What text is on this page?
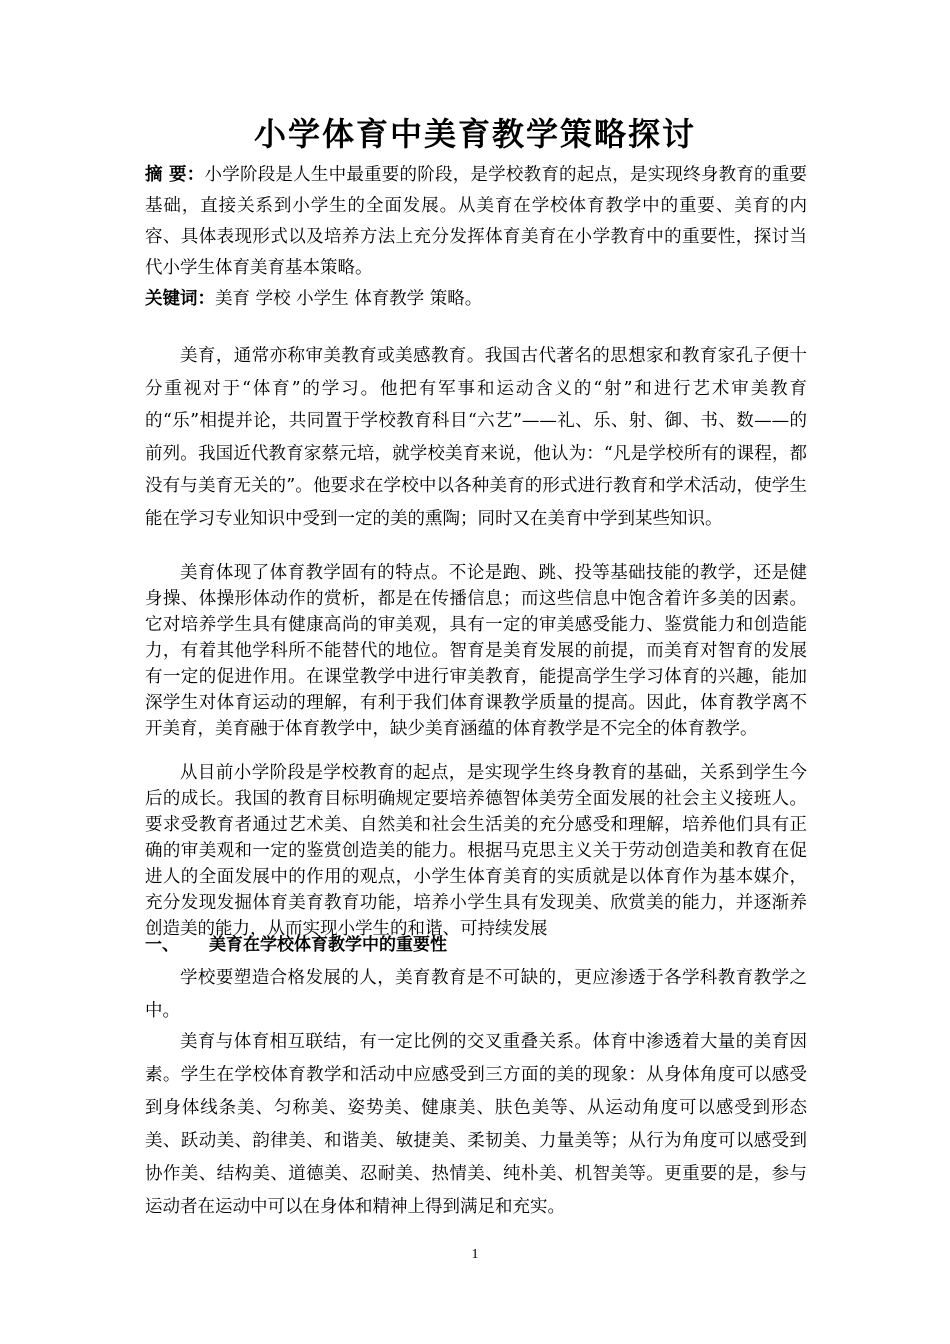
小学体育中美育教学策略探讨
摘 要：小学阶段是人生中最重要的阶段，是学校教育的起点，是实现终身教育的重要基础，直接关系到小学生的全面发展。从美育在学校体育教学中的重要、美育的内容、具体表现形式以及培养方法上充分发挥体育美育在小学教育中的重要性，探讨当代小学生体育美育基本策略。
关键词：美育 学校 小学生 体育教学 策略。
美育，通常亦称审美教育或美感教育。我国古代著名的思想家和教育家孔子便十分重视对于“体育”的学习。他把有军事和运动含义的“射”和进行艺术审美教育的“乐”相提并论，共同置于学校教育科目“六艺”——礼、乐、射、御、书、数——的前列。我国近代教育家蔡元培，就学校美育来说，他认为：“凡是学校所有的课程，都没有与美育无关的”。他要求在学校中以各种美育的形式进行教育和学术活动，使学生能在学习专业知识中受到一定的美的熏陶；同时又在美育中学到某些知识。
美育体现了体育教学固有的特点。不论是跑、跳、投等基础技能的教学，还是健身操、体操形体动作的赏析，都是在传播信息；而这些信息中饱含着许多美的因素。它对培养学生具有健康高尚的审美观，具有一定的审美感受能力、鉴赏能力和创造能力，有着其他学科所不能替代的地位。智育是美育发展的前提，而美育对智育的发展有一定的促进作用。在课堂教学中进行审美教育，能提高学生学习体育的兴趣，能加深学生对体育运动的理解，有利于我们体育课教学质量的提高。因此，体育教学离不开美育，美育融于体育教学中，缺少美育涵蕴的体育教学是不完全的体育教学。
从目前小学阶段是学校教育的起点，是实现学生终身教育的基础，关系到学生今后的成长。我国的教育目标明确规定要培养德智体美劳全面发展的社会主义接班人。要求受教育者通过艺术美、自然美和社会生活美的充分感受和理解，培养他们具有正确的审美观和一定的鉴赏创造美的能力。根据马克思主义关于劳动创造美和教育在促进人的全面发展中的作用的观点，小学生体育美育的实质就是以体育作为基本媒介，充分发现发掘体育美育教育功能，培养小学生具有发现美、欣赏美的能力，并逐渐养创造美的能力，从而实现小学生的和谐、可持续发展
一、 美育在学校体育教学中的重要性
学校要塑造合格发展的人，美育教育是不可缺的，更应渗透于各学科教育教学之中。
美育与体育相互联结，有一定比例的交叉重叠关系。体育中渗透着大量的美育因素。学生在学校体育教学和活动中应感受到三方面的美的现象：从身体角度可以感受到身体线条美、匀称美、姿势美、健康美、肤色美等、从运动角度可以感受到形态美、跃动美、韵律美、和谐美、敏捷美、柔韧美、力量美等；从行为角度可以感受到协作美、结构美、道德美、忍耐美、热情美、纯朴美、机智美等。更重要的是，参与运动者在运动中可以在身体和精神上得到满足和充实。
1
